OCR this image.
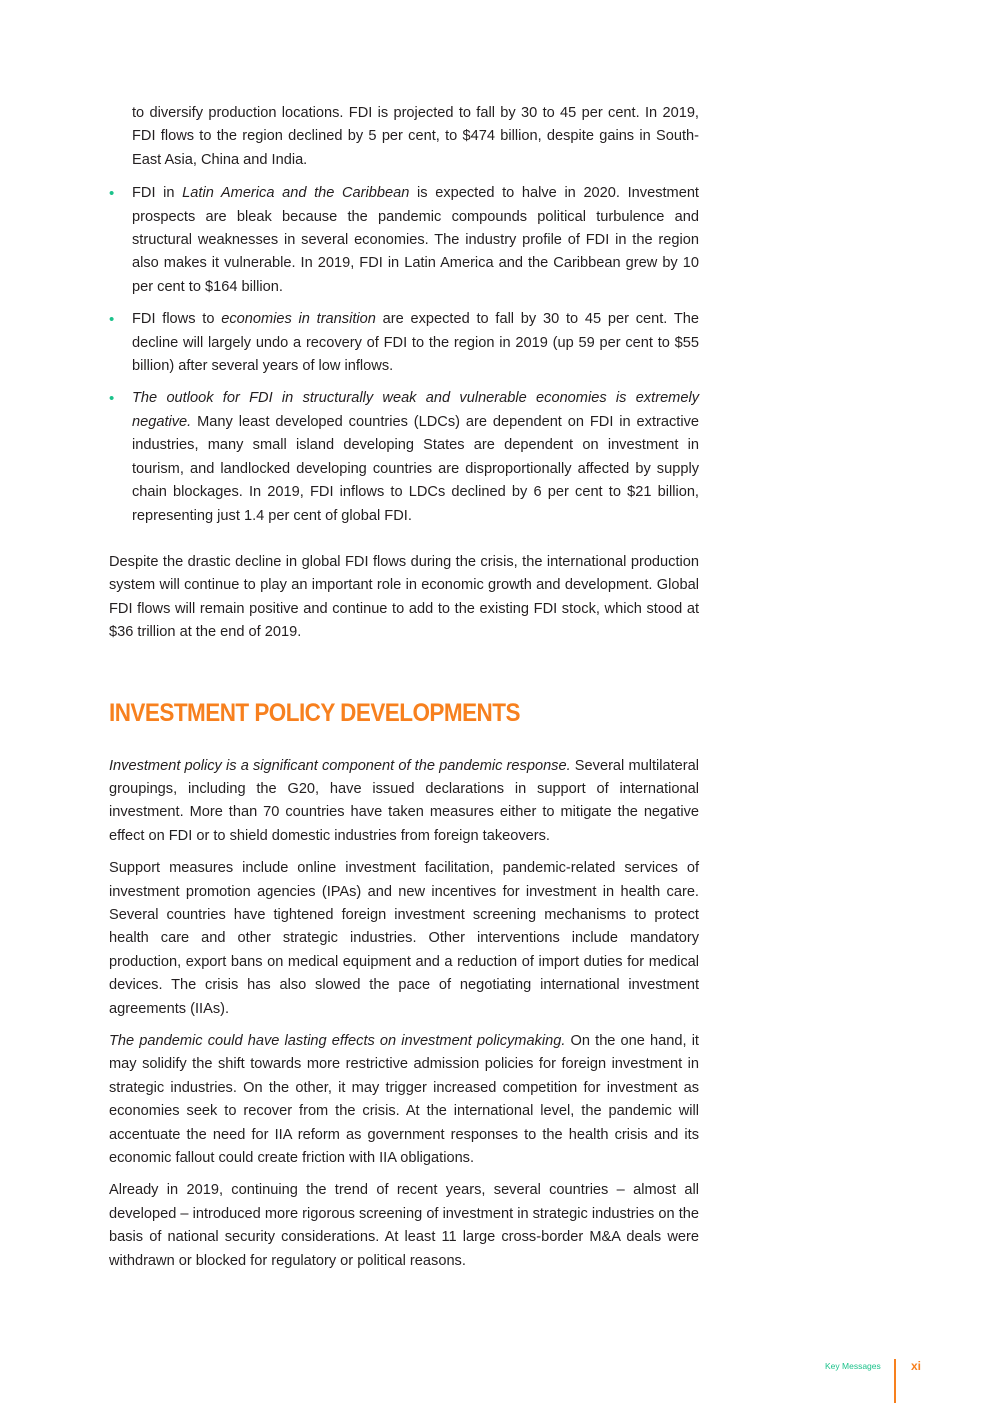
to diversify production locations. FDI is projected to fall by 30 to 45 per cent. In 2019, FDI flows to the region declined by 5 per cent, to $474 billion, despite gains in South-East Asia, China and India.

• FDI in Latin America and the Caribbean is expected to halve in 2020. Investment prospects are bleak because the pandemic compounds political turbulence and structural weaknesses in several economies. The industry profile of FDI in the region also makes it vulnerable. In 2019, FDI in Latin America and the Caribbean grew by 10 per cent to $164 billion.
• FDI flows to economies in transition are expected to fall by 30 to 45 per cent. The decline will largely undo a recovery of FDI to the region in 2019 (up 59 per cent to $55 billion) after several years of low inflows.
• The outlook for FDI in structurally weak and vulnerable economies is extremely negative. Many least developed countries (LDCs) are dependent on FDI in extractive industries, many small island developing States are dependent on investment in tourism, and landlocked developing countries are disproportionally affected by supply chain blockages. In 2019, FDI inflows to LDCs declined by 6 per cent to $21 billion, representing just 1.4 per cent of global FDI.

Despite the drastic decline in global FDI flows during the crisis, the international production system will continue to play an important role in economic growth and development. Global FDI flows will remain positive and continue to add to the existing FDI stock, which stood at $36 trillion at the end of 2019.

INVESTMENT POLICY DEVELOPMENTS

Investment policy is a significant component of the pandemic response. Several multilateral groupings, including the G20, have issued declarations in support of international investment. More than 70 countries have taken measures either to mitigate the negative effect on FDI or to shield domestic industries from foreign takeovers.

Support measures include online investment facilitation, pandemic-related services of investment promotion agencies (IPAs) and new incentives for investment in health care. Several countries have tightened foreign investment screening mechanisms to protect health care and other strategic industries. Other interventions include mandatory production, export bans on medical equipment and a reduction of import duties for medical devices. The crisis has also slowed the pace of negotiating international investment agreements (IIAs).

The pandemic could have lasting effects on investment policymaking. On the one hand, it may solidify the shift towards more restrictive admission policies for foreign investment in strategic industries. On the other, it may trigger increased competition for investment as economies seek to recover from the crisis. At the international level, the pandemic will accentuate the need for IIA reform as government responses to the health crisis and its economic fallout could create friction with IIA obligations.

Already in 2019, continuing the trend of recent years, several countries – almost all developed – introduced more rigorous screening of investment in strategic industries on the basis of national security considerations. At least 11 large cross-border M&A deals were withdrawn or blocked for regulatory or political reasons.

Key Messages	xi
